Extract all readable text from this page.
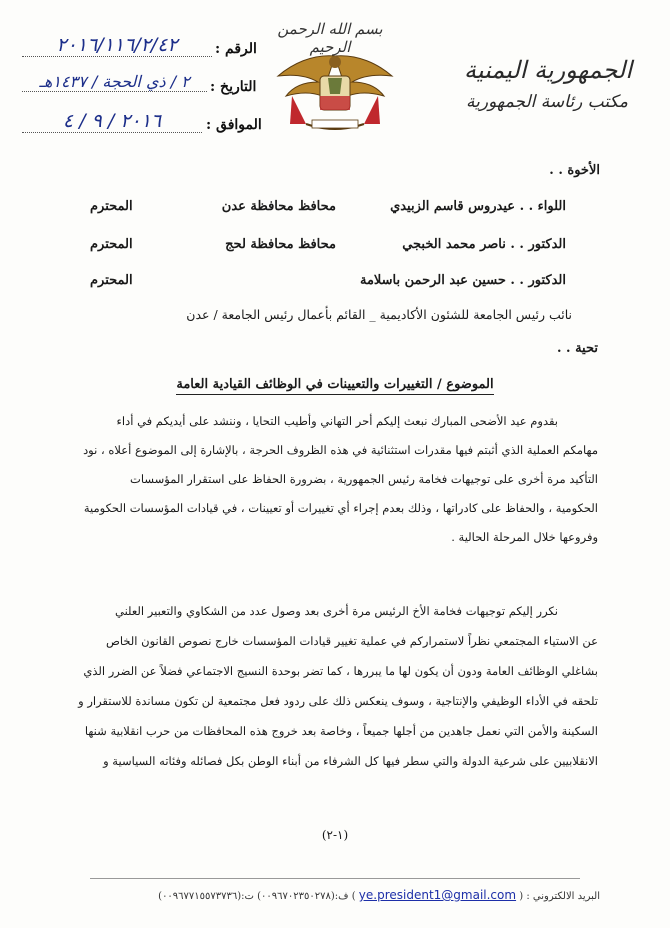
بسم الله الرحمن الرحيم
الجمهورية اليمنية
مكتب رئاسة الجمهورية
الرقم :
٢٠١٦/١١٦/٢/٤٢
التاريخ :
٢ / ذي الحجة / ١٤٣٧هـ
الموافق :
٢٠١٦ / ٩ / ٤
الأخوة . .
اللواء . . عيدروس قاسم الزبيدي
محافظ محافظة عدن
المحترم
الدكتور . . ناصر محمد الخبجي
محافظ محافظة لحج
المحترم
الدكتور . . حسين عبد الرحمن باسلامة
المحترم
نائب رئيس الجامعة للشئون الأكاديمية _ القائم بأعمال رئيس الجامعة / عدن
تحية . .
الموضوع / التغييرات والتعيينات في الوظائف القيادية العامة
بقدوم عيد الأضحى المبارك نبعث إليكم أحر التهاني وأطيب التحايا ، وننشد على أيديكم في أداء
مهامكم العملية الذي أثبتم فيها مقدرات استثنائية في هذه الظروف الحرجة ، بالإشارة إلى الموضوع أعلاه ، نود
التأكيد مرة أخرى على توجيهات فخامة رئيس الجمهورية ، بضرورة الحفاظ على استقرار المؤسسات
الحكومية ، والحفاظ على كادراتها ، وذلك بعدم إجراء أي تغييرات أو تعيينات ، في قيادات المؤسسات الحكومية
وفروعها خلال المرحلة الحالية .
نكرر إليكم توجيهات فخامة الأخ الرئيس مرة أخرى بعد وصول عدد من الشكاوي والتعبير العلني
عن الاستياء المجتمعي نظراً لاستمراركم في عملية تغيير قيادات المؤسسات خارج نصوص القانون الخاص
بشاغلي الوظائف العامة ودون أن يكون لها ما يبررها ، كما تضر بوحدة النسيج الاجتماعي فضلاً عن الضرر الذي
تلحقه في الأداء الوظيفي والإنتاجية ، وسوف ينعكس ذلك على ردود فعل مجتمعية لن تكون مساندة للاستقرار و
السكينة والأمن التي نعمل جاهدين من أجلها جميعاً ، وخاصة بعد خروج هذه المحافظات من حرب انقلابية شنها
الانقلابيين على شرعية الدولة والتي سطر فيها كل الشرفاء من أبناء الوطن بكل فصائله وفئاته السياسية و
(١-٢)
البريد الالكتروني : ( ye.president1@gmail.com ) ف:(٠٠٩٦٧٠٢٣٥٠٢٧٨) ت:(٠٠٩٦٧٧١٥٥٧٣٧٣٦)
